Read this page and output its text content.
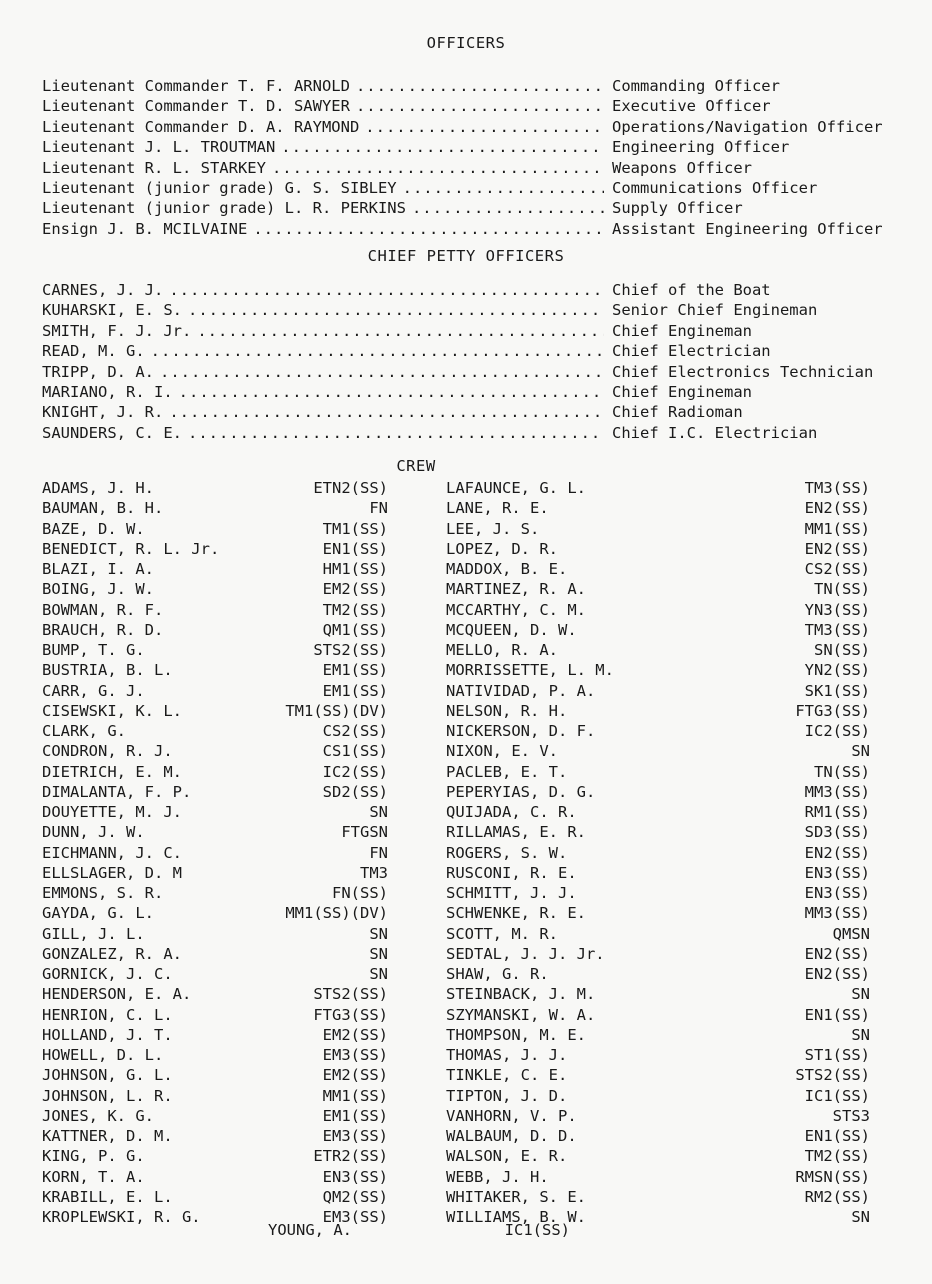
OFFICERS
Lieutenant Commander T. F. ARNOLD .....	Commanding Officer
Lieutenant Commander T. D. SAWYER .....	Executive Officer
Lieutenant Commander D. A. RAYMOND .....	Operations/Navigation Officer
Lieutenant J. L. TROUTMAN .....	Engineering Officer
Lieutenant R. L. STARKEY .....	Weapons Officer
Lieutenant (junior grade) G. S. SIBLEY .....	Communications Officer
Lieutenant (junior grade) L. R. PERKINS .....	Supply Officer
Ensign J. B. MCILVAINE .....	Assistant Engineering Officer
CHIEF PETTY OFFICERS
CARNES, J. J. .....	Chief of the Boat
KUHARSKI, E. S. .....	Senior Chief Engineman
SMITH, F. J. Jr. .....	Chief Engineman
READ, M. G. .....	Chief Electrician
TRIPP, D. A. .....	Chief Electronics Technician
MARIANO, R. I. .....	Chief Engineman
KNIGHT, J. R. .....	Chief Radioman
SAUNDERS, C. E. .....	Chief I.C. Electrician
CREW
ADAMS, J. H.	ETN2(SS)
BAUMAN, B. H.	FN
BAZE, D. W.	TM1(SS)
BENEDICT, R. L. Jr.	EN1(SS)
BLAZI, I. A.	HM1(SS)
BOING, J. W.	EM2(SS)
BOWMAN, R. F.	TM2(SS)
BRAUCH, R. D.	QM1(SS)
BUMP, T. G.	STS2(SS)
BUSTRIA, B. L.	EM1(SS)
CARR, G. J.	EM1(SS)
CISEWSKI, K. L.	TM1(SS)(DV)
CLARK, G.	CS2(SS)
CONDRON, R. J.	CS1(SS)
DIETRICH, E. M.	IC2(SS)
DIMALANTA, F. P.	SD2(SS)
DOUYETTE, M. J.	SN
DUNN, J. W.	FTGSN
EICHMANN, J. C.	FN
ELLSLAGER, D. M	TM3
EMMONS, S. R.	FN(SS)
GAYDA, G. L.	MM1(SS)(DV)
GILL, J. L.	SN
GONZALEZ, R. A.	SN
GORNICK, J. C.	SN
HENDERSON, E. A.	STS2(SS)
HENRION, C. L.	FTG3(SS)
HOLLAND, J. T.	EM2(SS)
HOWELL, D. L.	EM3(SS)
JOHNSON, G. L.	EM2(SS)
JOHNSON, L. R.	MM1(SS)
JONES, K. G.	EM1(SS)
KATTNER, D. M.	EM3(SS)
KING, P. G.	ETR2(SS)
KORN, T. A.	EN3(SS)
KRABILL, E. L.	QM2(SS)
KROPLEWSKI, R. G.	EM3(SS)
LAFAUNCE, G. L.	TM3(SS)
LANE, R. E.	EN2(SS)
LEE, J. S.	MM1(SS)
LOPEZ, D. R.	EN2(SS)
MADDOX, B. E.	CS2(SS)
MARTINEZ, R. A.	TN(SS)
MCCARTHY, C. M.	YN3(SS)
MCQUEEN, D. W.	TM3(SS)
MELLO, R. A.	SN(SS)
MORRISSETTE, L. M.	YN2(SS)
NATIVIDAD, P. A.	SK1(SS)
NELSON, R. H.	FTG3(SS)
NICKERSON, D. F.	IC2(SS)
NIXON, E. V.	SN
PACLEB, E. T.	TN(SS)
PEPERYIAS, D. G.	MM3(SS)
QUIJADA, C. R.	RM1(SS)
RILLAMAS, E. R.	SD3(SS)
ROGERS, S. W.	EN2(SS)
RUSCONI, R. E.	EN3(SS)
SCHMITT, J. J.	EN3(SS)
SCHWENKE, R. E.	MM3(SS)
SCOTT, M. R.	QMSN
SEDTAL, J. J. Jr.	EN2(SS)
SHAW, G. R.	EN2(SS)
STEINBACK, J. M.	SN
SZYMANSKI, W. A.	EN1(SS)
THOMPSON, M. E.	SN
THOMAS, J. J.	ST1(SS)
TINKLE, C. E.	STS2(SS)
TIPTON, J. D.	IC1(SS)
VANHORN, V. P.	STS3
WALBAUM, D. D.	EN1(SS)
WALSON, E. R.	TM2(SS)
WEBB, J. H.	RMSN(SS)
WHITAKER, S. E.	RM2(SS)
WILLIAMS, B. W.	SN
YOUNG, A.	IC1(SS)
